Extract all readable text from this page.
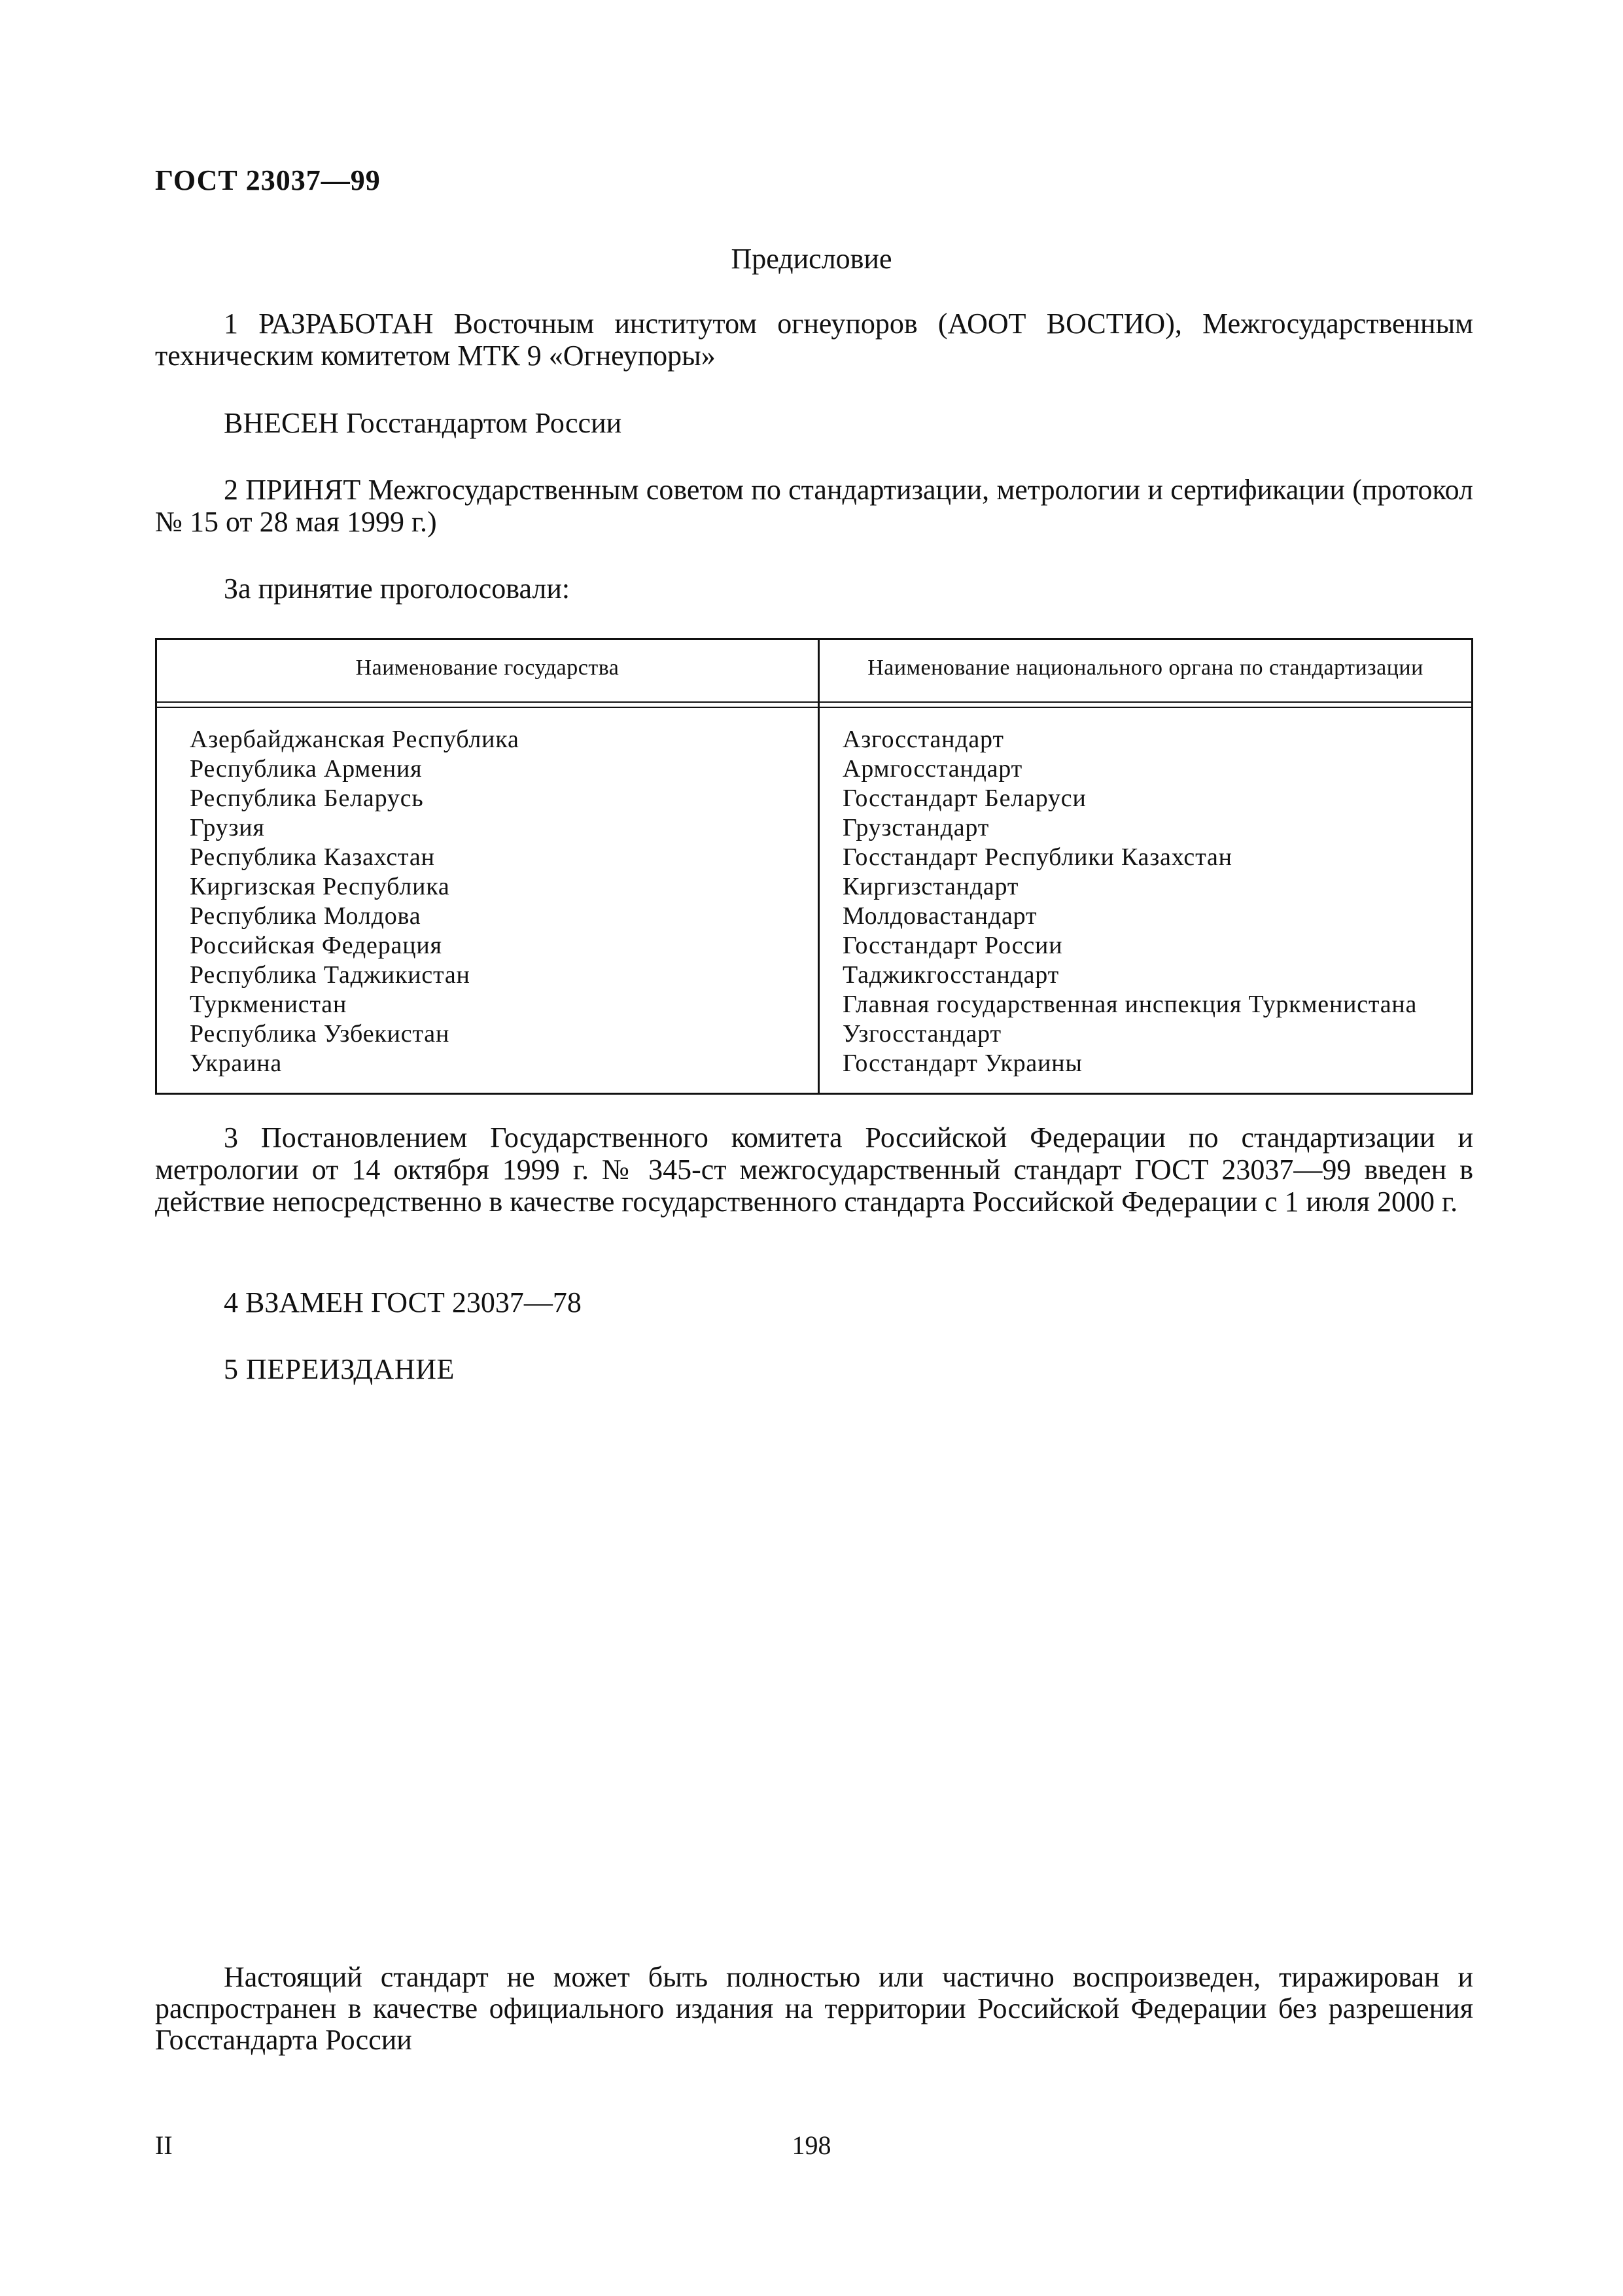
ГОСТ 23037—99
Предисловие
1 РАЗРАБОТАН Восточным институтом огнеупоров (АООТ ВОСТИО), Межгосударственным техническим комитетом МТК 9 «Огнеупоры»
ВНЕСЕН Госстандартом России
2 ПРИНЯТ Межгосударственным советом по стандартизации, метрологии и сертификации (протокол № 15 от 28 мая 1999 г.)
За принятие проголосовали:
Наименование государства	Наименование национального органа по стандартизации
Азербайджанская Республика
Республика Армения
Республика Беларусь
Грузия
Республика Казахстан
Киргизская Республика
Республика Молдова
Российская Федерация
Республика Таджикистан
Туркменистан
Республика Узбекистан
Украина
Азгосстандарт
Армгосстандарт
Госстандарт Беларуси
Грузстандарт
Госстандарт Республики Казахстан
Киргизстандарт
Молдовастандарт
Госстандарт России
Таджикгосстандарт
Главная государственная инспекция Туркменистана
Узгосстандарт
Госстандарт Украины
3 Постановлением Государственного комитета Российской Федерации по стандартизации и метрологии от 14 октября 1999 г. № 345-ст межгосударственный стандарт ГОСТ 23037—99 введен в действие непосредственно в качестве государственного стандарта Российской Федерации с 1 июля 2000 г.
4 ВЗАМЕН ГОСТ 23037—78
5 ПЕРЕИЗДАНИЕ
Настоящий стандарт не может быть полностью или частично воспроизведен, тиражирован и распространен в качестве официального издания на территории Российской Федерации без разрешения Госстандарта России
II	198
